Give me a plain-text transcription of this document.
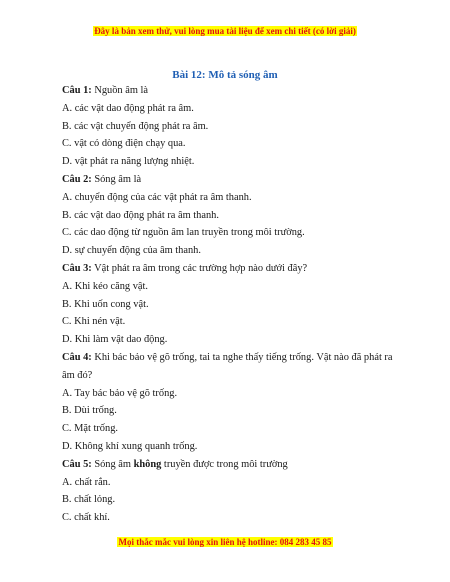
Đây là bản xem thử, vui lòng mua tài liệu để xem chi tiết (có lời giải)
Bài 12: Mô tả sóng âm
Câu 1: Nguồn âm là
A. các vật dao động phát ra âm.
B. các vật chuyển động phát ra âm.
C. vật có dòng điện chạy qua.
D. vật phát ra năng lượng nhiệt.
Câu 2: Sóng âm là
A. chuyển động của các vật phát ra âm thanh.
B. các vật dao động phát ra âm thanh.
C. các dao động từ nguồn âm lan truyền trong môi trường.
D. sự chuyển động của âm thanh.
Câu 3: Vật phát ra âm trong các trường hợp nào dưới đây?
A. Khi kéo căng vật.
B. Khi uốn cong vật.
C. Khi nén vật.
D. Khi làm vật dao động.
Câu 4: Khi bác bảo vệ gõ trống, tai ta nghe thấy tiếng trống. Vật nào đã phát ra âm đó?
A. Tay bác bảo vệ gõ trống.
B. Dùi trống.
C. Mặt trống.
D. Không khí xung quanh trống.
Câu 5: Sóng âm không truyền được trong môi trường
A. chất rắn.
B. chất lỏng.
C. chất khí.
Mọi thắc mắc vui lòng xin liên hệ hotline: 084 283 45 85
